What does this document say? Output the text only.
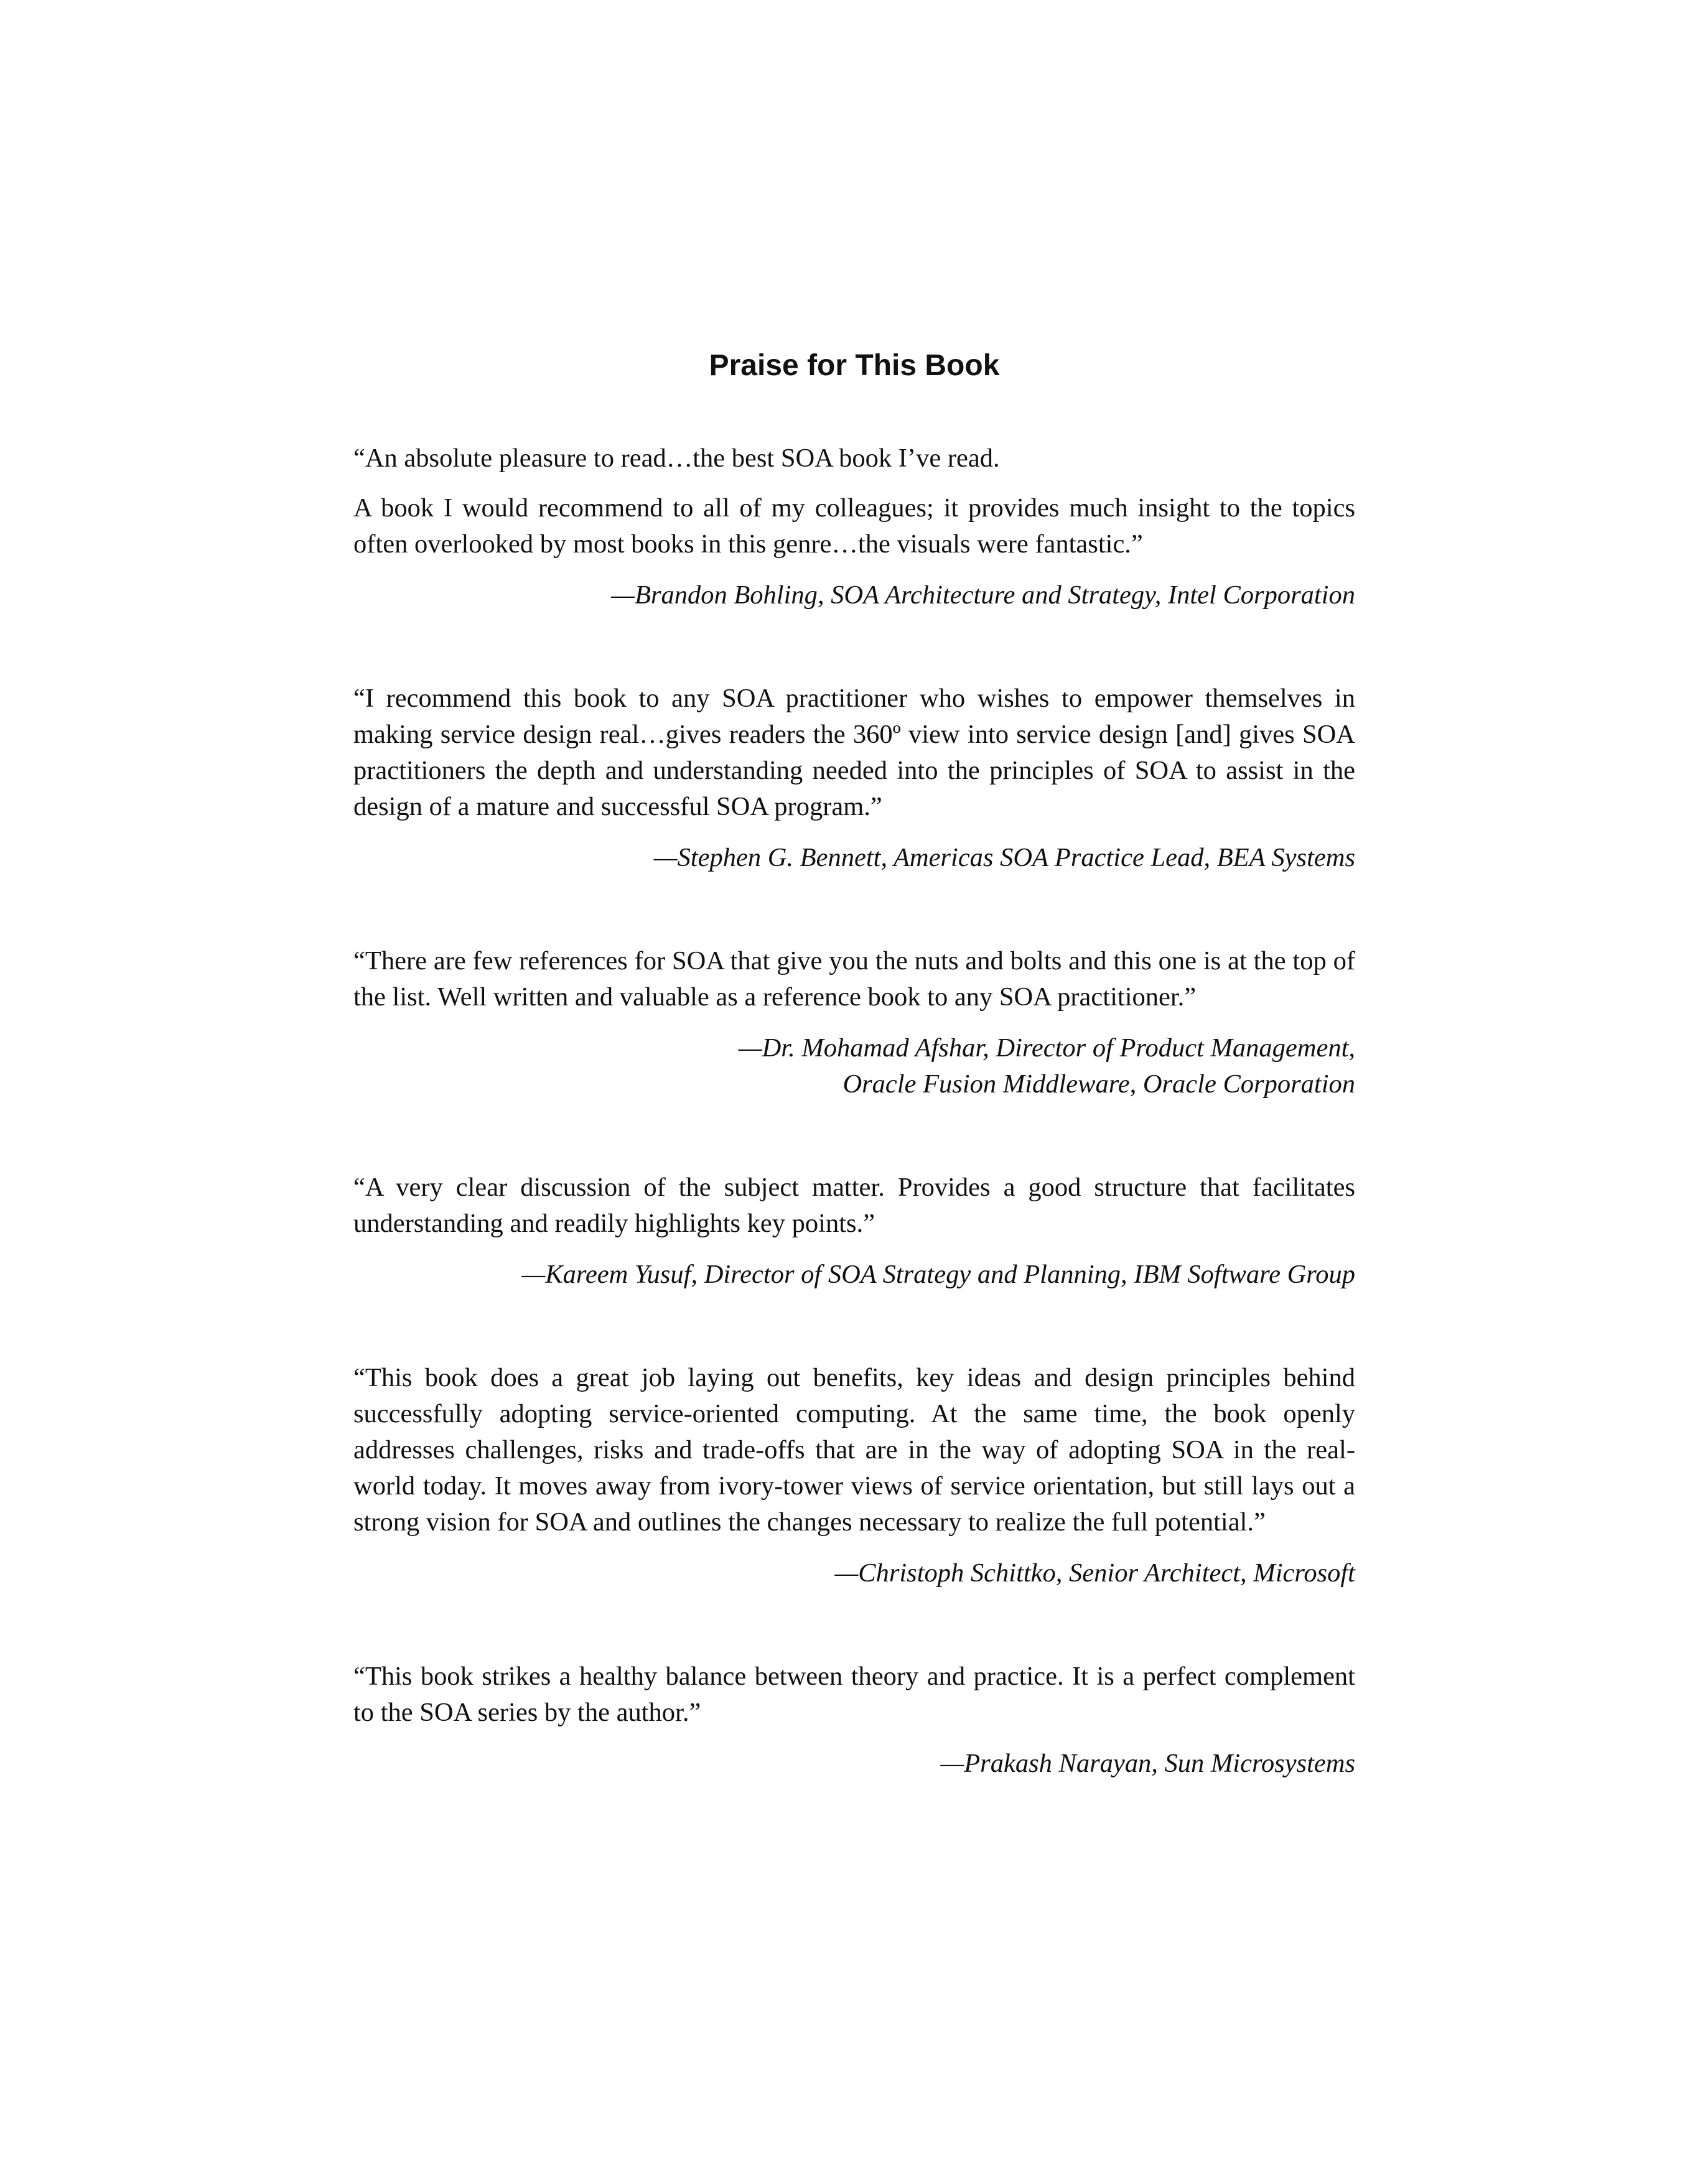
Praise for This Book

“An absolute pleasure to read…the best SOA book I’ve read.

A book I would recommend to all of my colleagues; it provides much insight to the topics often overlooked by most books in this genre…the visuals were fantastic.”

—Brandon Bohling, SOA Architecture and Strategy, Intel Corporation

“I recommend this book to any SOA practitioner who wishes to empower themselves in making service design real…gives readers the 360º view into service design [and] gives SOA practitioners the depth and understanding needed into the principles of SOA to assist in the design of a mature and successful SOA program.”

—Stephen G. Bennett, Americas SOA Practice Lead, BEA Systems

“There are few references for SOA that give you the nuts and bolts and this one is at the top of the list. Well written and valuable as a reference book to any SOA practitioner.”

—Dr. Mohamad Afshar, Director of Product Management,
Oracle Fusion Middleware, Oracle Corporation

“A very clear discussion of the subject matter. Provides a good structure that facilitates understanding and readily highlights key points.”

—Kareem Yusuf, Director of SOA Strategy and Planning, IBM Software Group

“This book does a great job laying out benefits, key ideas and design principles behind successfully adopting service-oriented computing. At the same time, the book openly addresses challenges, risks and trade-offs that are in the way of adopting SOA in the real-world today. It moves away from ivory-tower views of service orientation, but still lays out a strong vision for SOA and outlines the changes necessary to realize the full potential.”

—Christoph Schittko, Senior Architect, Microsoft

“This book strikes a healthy balance between theory and practice. It is a perfect complement to the SOA series by the author.”

—Prakash Narayan, Sun Microsystems
